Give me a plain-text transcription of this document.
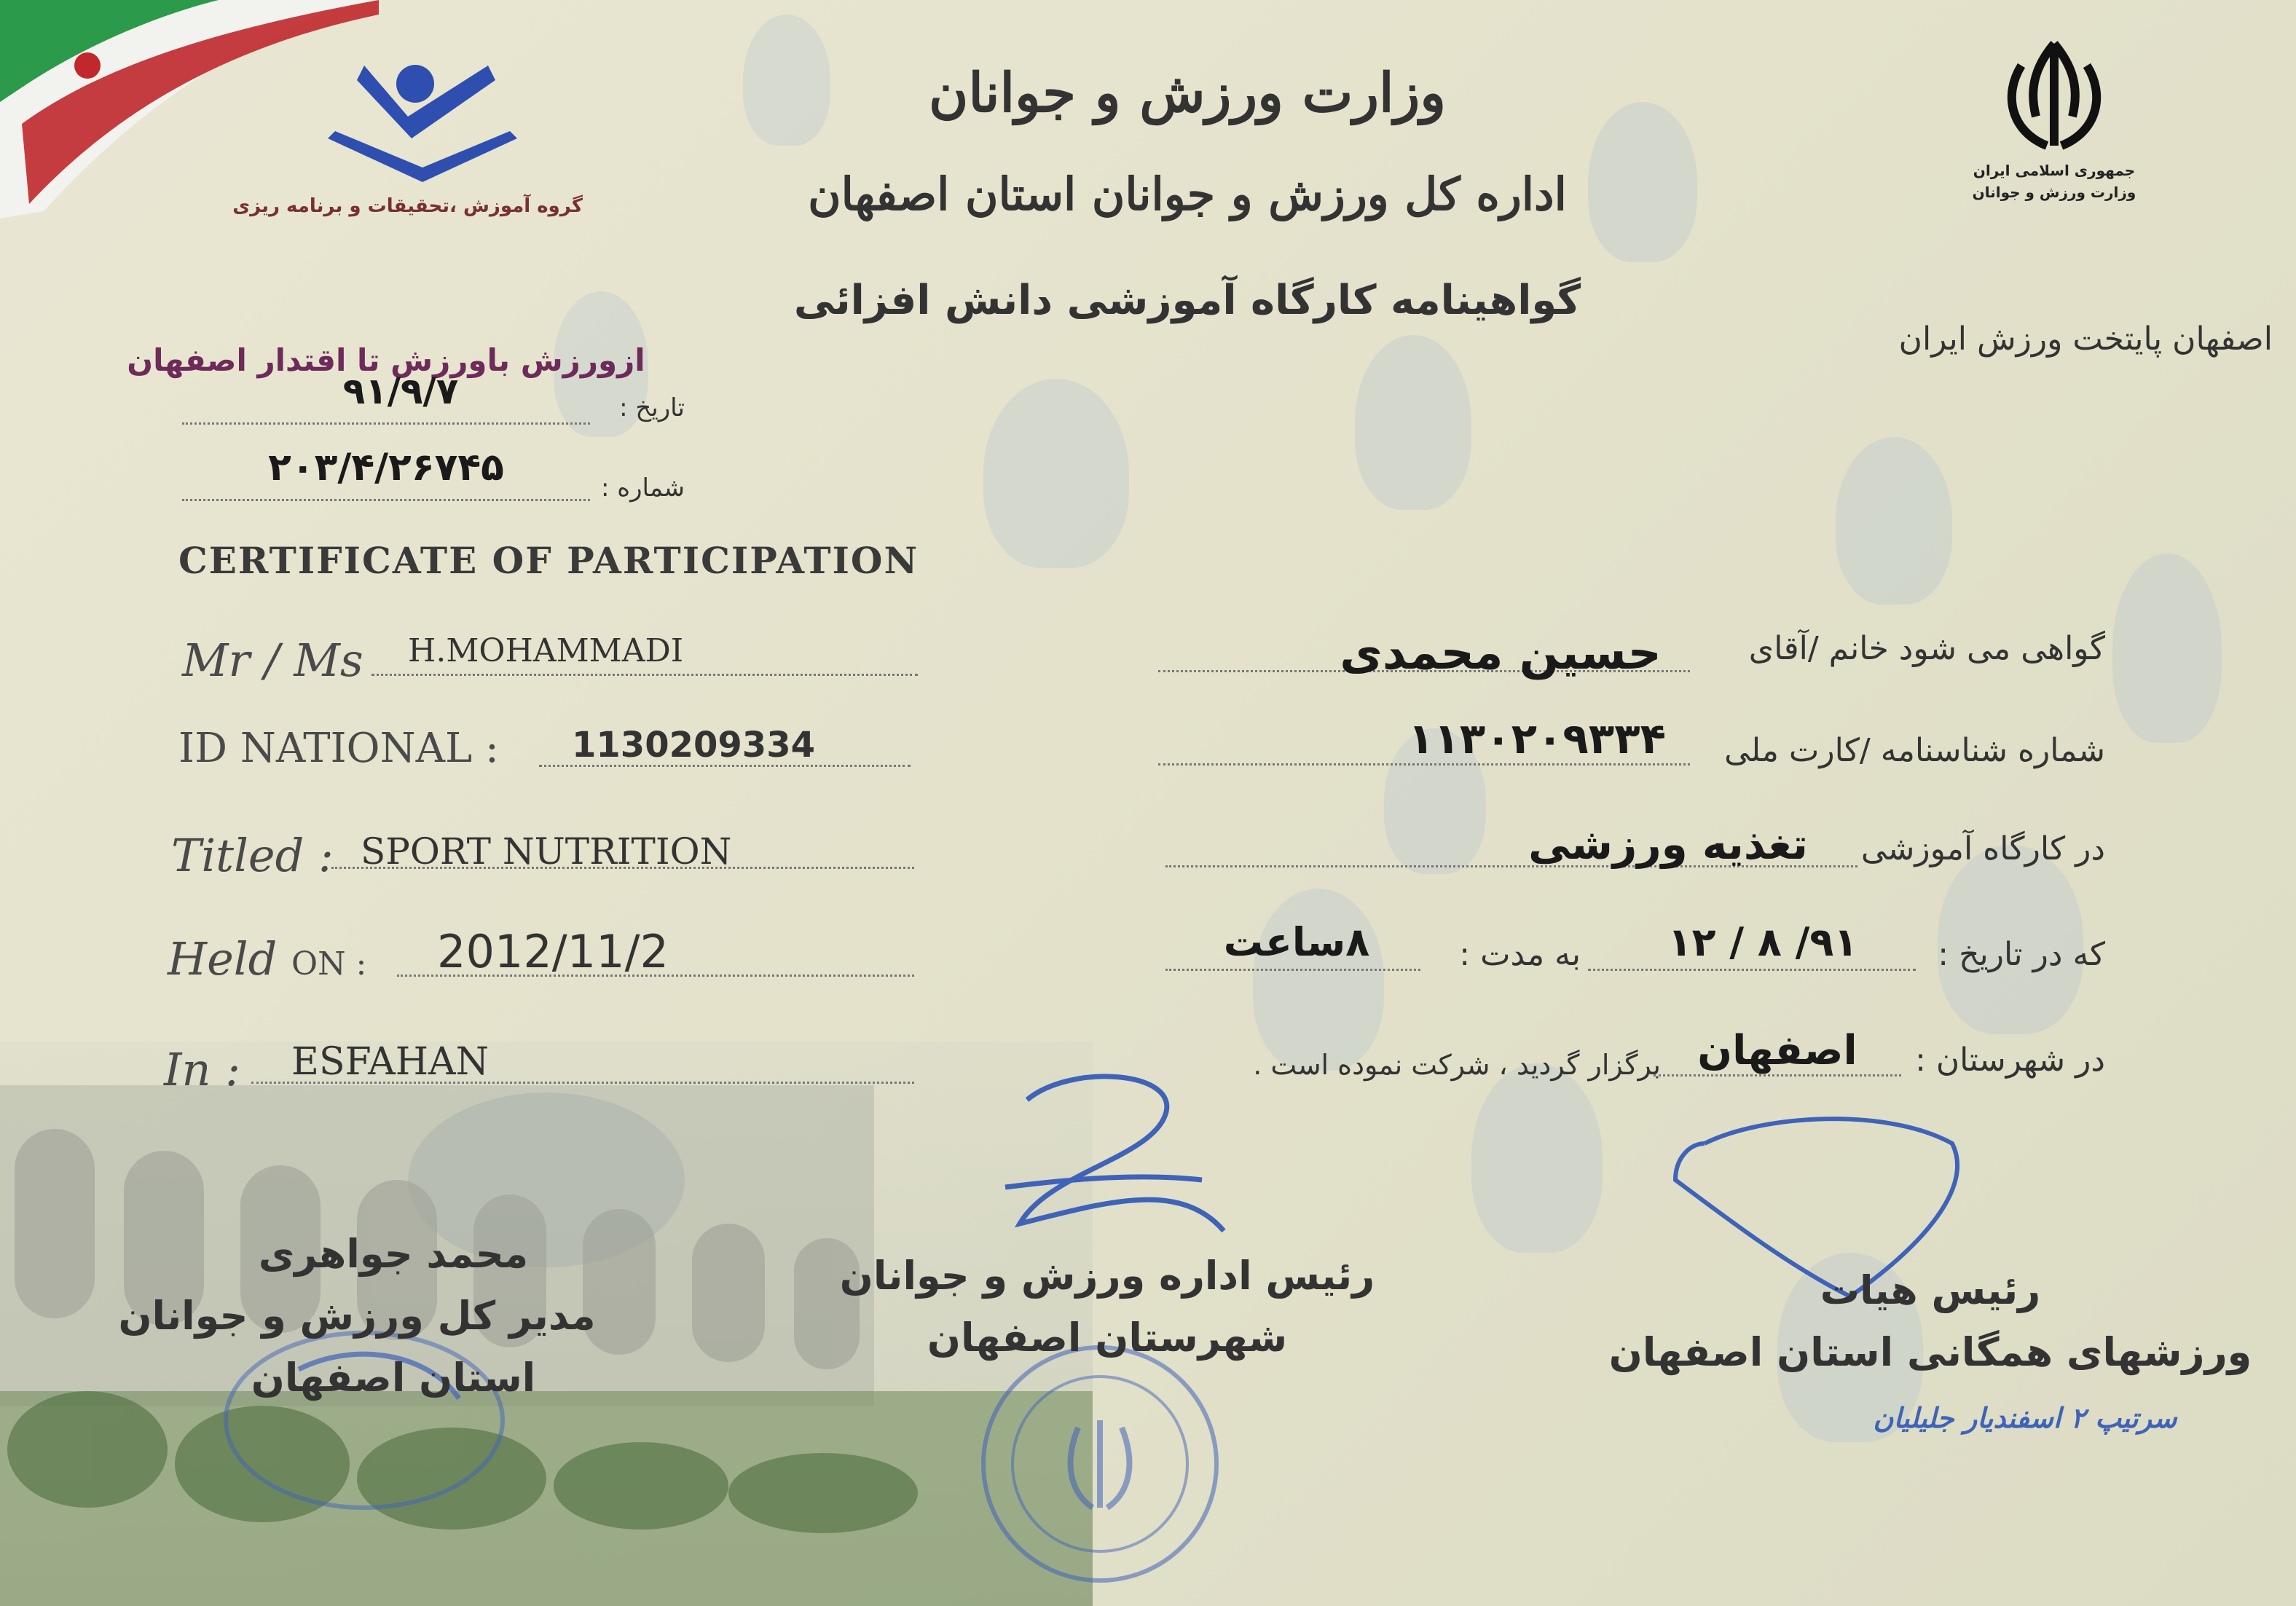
گروه آموزش ،تحقیقات و برنامه ریزی
جمهوری اسلامی ایران
وزارت ورزش و جوانان
وزارت ورزش و جوانان
اداره کل ورزش و جوانان استان اصفهان
گواهینامه کارگاه آموزشی دانش افزائی
اصفهان پایتخت ورزش ایران
ازورزش باورزش تا اقتدار اصفهان
تاریخ :
۹۱/۹/۷
شماره :
۲۰۳/۴/۲۶۷۴۵
CERTIFICATE OF PARTICIPATION
Mr / Ms H.MOHAMMADI
ID NATIONAL : 1130209334
Titled : SPORT NUTRITION
Held ON : 2012/11/2
In : ESFAHAN
گواهی می شود خانم /آقای
حسین محمدی
شماره شناسنامه /کارت ملی
۱۱۳۰۲۰۹۳۳۴
در کارگاه آموزشی
تغذیه ورزشی
که در تاریخ :
۹۱/ ۸ / ۱۲
به مدت :
۸ساعت
در شهرستان :
اصفهان
برگزار گردید ، شرکت نموده است .
محمد جواهری
مدیر کل ورزش و جوانان
استان اصفهان
رئیس اداره ورزش و جوانان
شهرستان اصفهان
رئیس هیات
ورزشهای همگانی استان اصفهان
سرتیپ ۲ اسفندیار جلیلیان
